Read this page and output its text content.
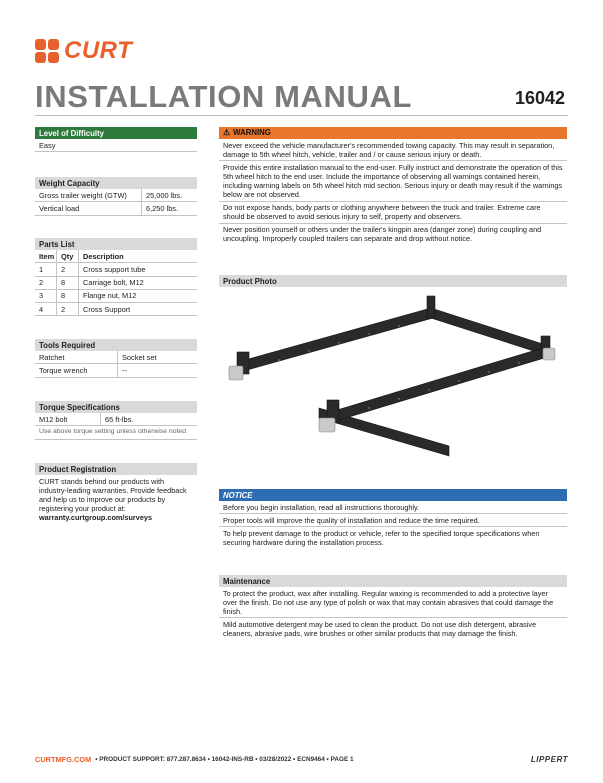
CURT
INSTALLATION MANUAL	16042
Level of Difficulty
Easy
Weight Capacity
Gross trailer weight (GTW)	25,000 lbs.
Vertical load	6,250 lbs.
Parts List
Item Qty	Description
1	2	Cross support tube
2	8	Carriage bolt, M12
3	8	Flange nut, M12
4	2	Cross Support
Tools Required
Ratchet	Socket set
Torque wrench	--
Torque Specifications
M12 bolt	65 ft-lbs.
Use above torque setting unless otherwise noted
Product Registration
CURT stands behind our products with industry-leading warranties. Provide feedback and help us to improve our products by registering your product at:
warranty.curtgroup.com/surveys
⚠ WARNING
Never exceed the vehicle manufacturer's recommended towing capacity. This may result in separation, damage to 5th wheel hitch, vehicle, trailer and / or cause serious injury or death.
Provide this entire installation manual to the end-user. Fully instruct and demonstrate the operation of this 5th wheel hitch to the end user. Include the importance of observing all warnings contained herein, including warning labels on 5th wheel hitch mid section. Serious injury or death may result if the warnings below are not observed.
Do not expose hands, body parts or clothing anywhere between the truck and trailer. Extreme care should be observed to avoid serious injury to self, property and observers.
Never position yourself or others under the trailer's kingpin area (danger zone) during coupling and uncoupling. Improperly coupled trailers can separate and drop without notice.
Product Photo
NOTICE
Before you begin installation, read all instructions thoroughly.
Proper tools will improve the quality of installation and reduce the time required.
To help prevent damage to the product or vehicle, refer to the specified torque specifications when securing hardware during the installation process.
Maintenance
To protect the product, wax after installing. Regular waxing is recommended to add a protective layer over the finish. Do not use any type of polish or wax that may contain abrasives that could damage the finish.
Mild automotive detergent may be used to clean the product. Do not use dish detergent, abrasive cleaners, abrasive pads, wire brushes or other similar products that may damage the finish.
CURTMFG.COM • PRODUCT SUPPORT: 877.287.8634 • 16042-INS-RB • 03/28/2022 • ECN9464 • PAGE 1	LIPPERT
